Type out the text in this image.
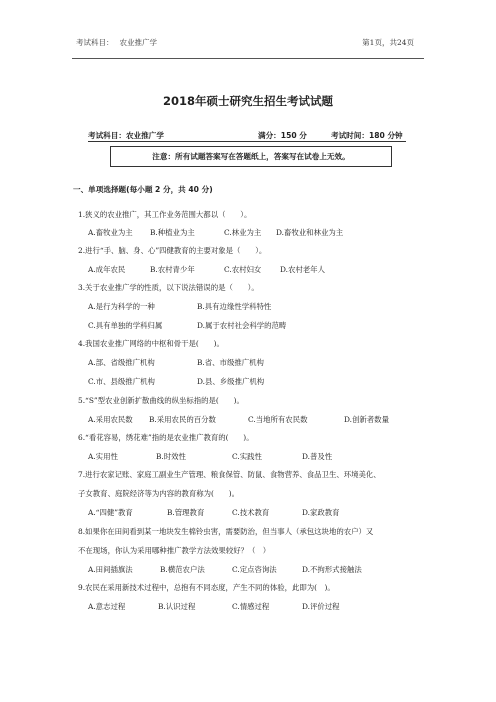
考试科目： 农业推广学	第1页，共24页
2018年硕士研究生招生考试试题
考试科目：农业推广学	满分：150 分	考试时间：180 分钟
注意：所有试题答案写在答题纸上，答案写在试卷上无效。
一、单项选择题(每小题 2 分，共 40 分)
1.狭义的农业推广，其工作业务范围大都以（　　）。
A.畜牧业为主 B.种植业为主	C.林业为主 D.畜牧业和林业为主
2.进行“手、脑、身、心”四健教育的主要对象是（　　）。
A.成年农民	B.农村青少年	C.农村妇女	D.农村老年人
3.关于农业推广学的性质，以下说法错误的是（　　）。
A.是行为科学的一种	B.具有边缘性学科特性
C.具有单独的学科归属	D.属于农村社会科学的范畴
4.我国农业推广网络的中枢和骨干是(　　)。
A.部、省级推广机构	B.省、市级推广机构
C.市、县级推广机构	D.县、乡级推广机构
5.“S”型农业创新扩散曲线的纵坐标指的是(　　)。
A.采用农民数 B.采用农民的百分数	C.当地所有农民数	D.创新者数量
6.“看花容易，绣花难”指的是农业推广教育的(　　)。
A.实用性	B.时效性	C.实践性	D.普及性
7.进行农家记账、家庭工副业生产管理、粮食保管、防鼠、食物营养、食品卫生、环境美化、
子女教育、庭院经济等为内容的教育称为(　　)。
A.“四健”教育	B.管理教育	C.技术教育	D.家政教育
8.如果你在田间看到某一地块发生棉铃虫害，需要防治，但当事人（承包这块地的农户）又
不在现场，你认为采用哪种推广教学方法效果较好？（　）
A.田间插旗法	B.横范农户法	C.定点咨询法	D.不拘形式接触法
9.农民在采用新技术过程中，总抱有不同态度，产生不同的体验，此即为(　)。
A.意志过程	B.认识过程	C.情感过程	D.评价过程
